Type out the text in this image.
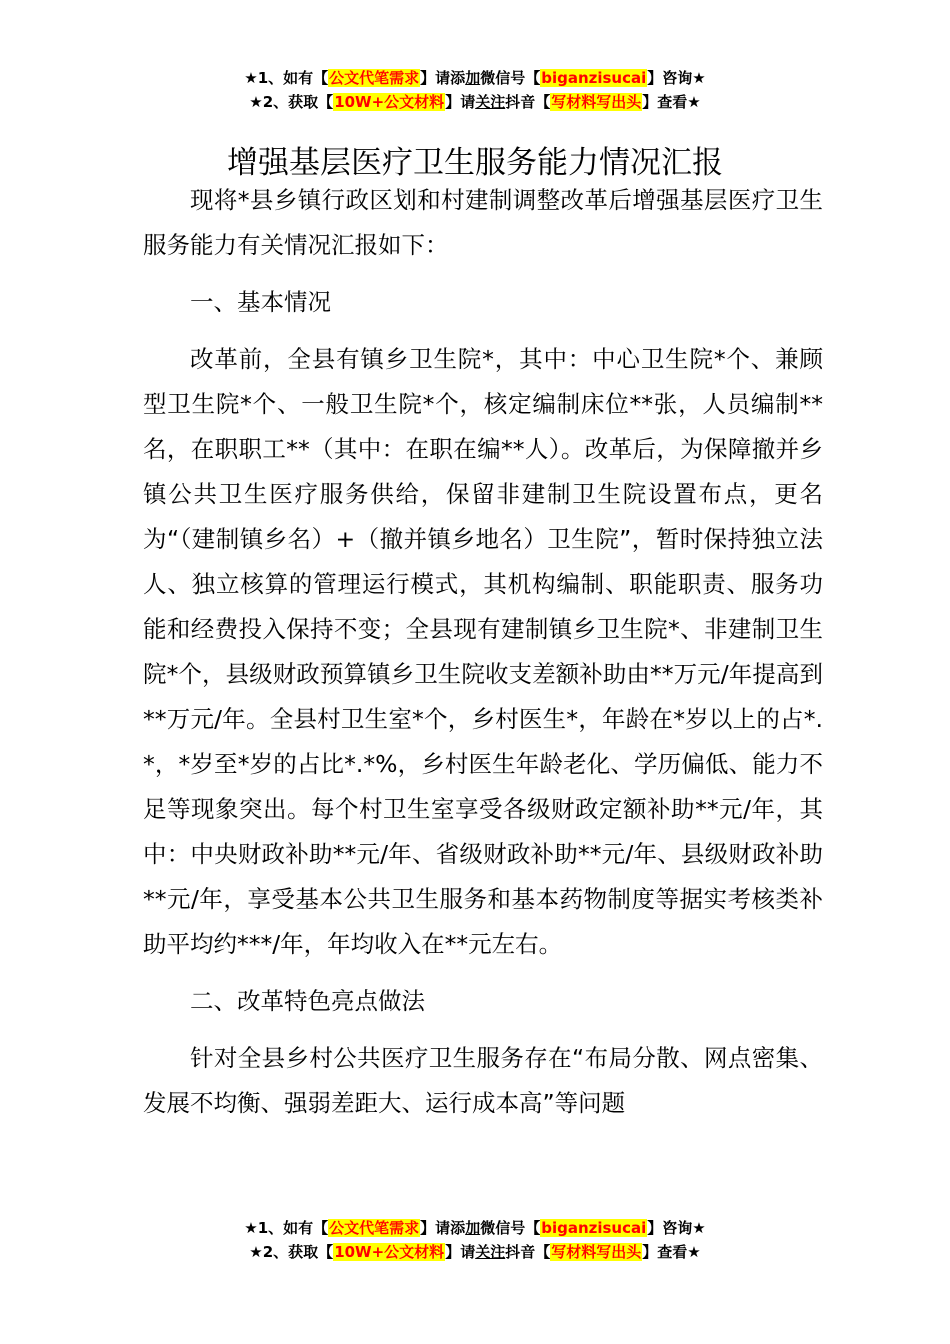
★1、如有【公文代笔需求】请添加微信号【biganzisucai】咨询★
★2、获取【10W+公文材料】请关注抖音【写材料写出头】查看★
增强基层医疗卫生服务能力情况汇报

现将*县乡镇行政区划和村建制调整改革后增强基层医疗卫生服务能力有关情况汇报如下：

一、基本情况

改革前，全县有镇乡卫生院*，其中：中心卫生院*个、兼顾型卫生院*个、一般卫生院*个，核定编制床位**张，人员编制**名，在职职工**（其中：在职在编**人）。改革后，为保障撤并乡镇公共卫生医疗服务供给，保留非建制卫生院设置布点，更名为“（建制镇乡名）+（撤并镇乡地名）卫生院”，暂时保持独立法人、独立核算的管理运行模式，其机构编制、职能职责、服务功能和经费投入保持不变；全县现有建制镇乡卫生院*、非建制卫生院*个，县级财政预算镇乡卫生院收支差额补助由**万元/年提高到**万元/年。全县村卫生室*个，乡村医生*，年龄在*岁以上的占*.*，*岁至*岁的占比*.*%，乡村医生年龄老化、学历偏低、能力不足等现象突出。每个村卫生室享受各级财政定额补助**元/年，其中：中央财政补助**元/年、省级财政补助**元/年、县级财政补助**元/年，享受基本公共卫生服务和基本药物制度等据实考核类补助平均约***/年，年均收入在**元左右。

二、改革特色亮点做法

针对全县乡村公共医疗卫生服务存在“布局分散、网点密集、发展不均衡、强弱差距大、运行成本高”等问题

★1、如有【公文代笔需求】请添加微信号【biganzisucai】咨询★
★2、获取【10W+公文材料】请关注抖音【写材料写出头】查看★
